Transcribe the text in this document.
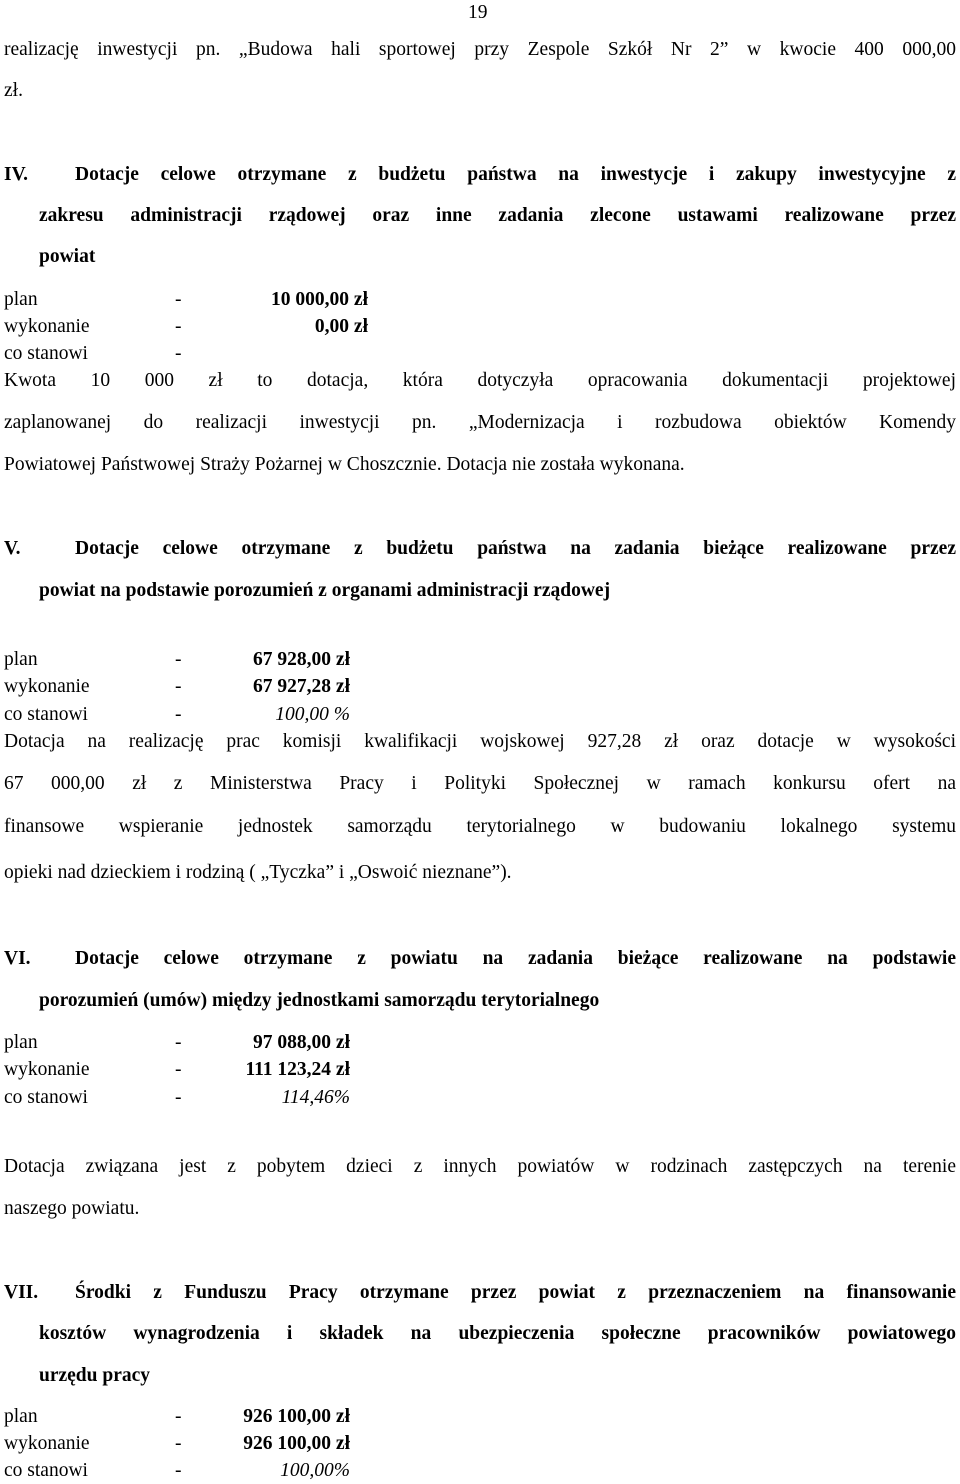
19
realizację inwestycji pn. „Budowa hali sportowej przy Zespole Szkół Nr 2” w kwocie 400 000,00
zł.
IV. Dotacje celowe otrzymane z budżetu państwa na inwestycje i zakupy inwestycyjne z
zakresu administracji rządowej oraz inne zadania zlecone ustawami realizowane przez
powiat
plan	-	10 000,00 zł
wykonanie	-	0,00 zł
co stanowi	-
Kwota 10 000 zł to dotacja, która dotyczyła opracowania dokumentacji projektowej
zaplanowanej do realizacji inwestycji pn. „Modernizacja i rozbudowa obiektów Komendy
Powiatowej Państwowej Straży Pożarnej w Choszcznie. Dotacja nie została wykonana.
V.	Dotacje celowe otrzymane z budżetu państwa na zadania bieżące realizowane przez
powiat na podstawie porozumień z organami administracji rządowej
plan	-	67 928,00 zł
wykonanie	-	67 927,28 zł
co stanowi	-	100,00 %
Dotacja na realizację prac komisji kwalifikacji wojskowej 927,28 zł oraz dotacje w wysokości
67 000,00 zł z Ministerstwa Pracy i Polityki Społecznej w ramach konkursu ofert na
finansowe wspieranie jednostek samorządu terytorialnego w budowaniu lokalnego systemu
opieki nad dzieckiem i rodziną ( „Tyczka” i „Oswoić nieznane”).
VI. Dotacje celowe otrzymane z powiatu na zadania bieżące realizowane na podstawie
porozumień (umów) między jednostkami samorządu terytorialnego
plan	-	97 088,00 zł
wykonanie	-	111 123,24 zł
co stanowi	-	114,46%
Dotacja związana jest z pobytem dzieci z innych powiatów w rodzinach zastępczych na terenie
naszego powiatu.
VII. Środki z Funduszu Pracy otrzymane przez powiat z przeznaczeniem na finansowanie
kosztów wynagrodzenia i składek na ubezpieczenia społeczne pracowników powiatowego
urzędu pracy
plan	-	926 100,00 zł
wykonanie	-	926 100,00 zł
co stanowi	-	100,00%
